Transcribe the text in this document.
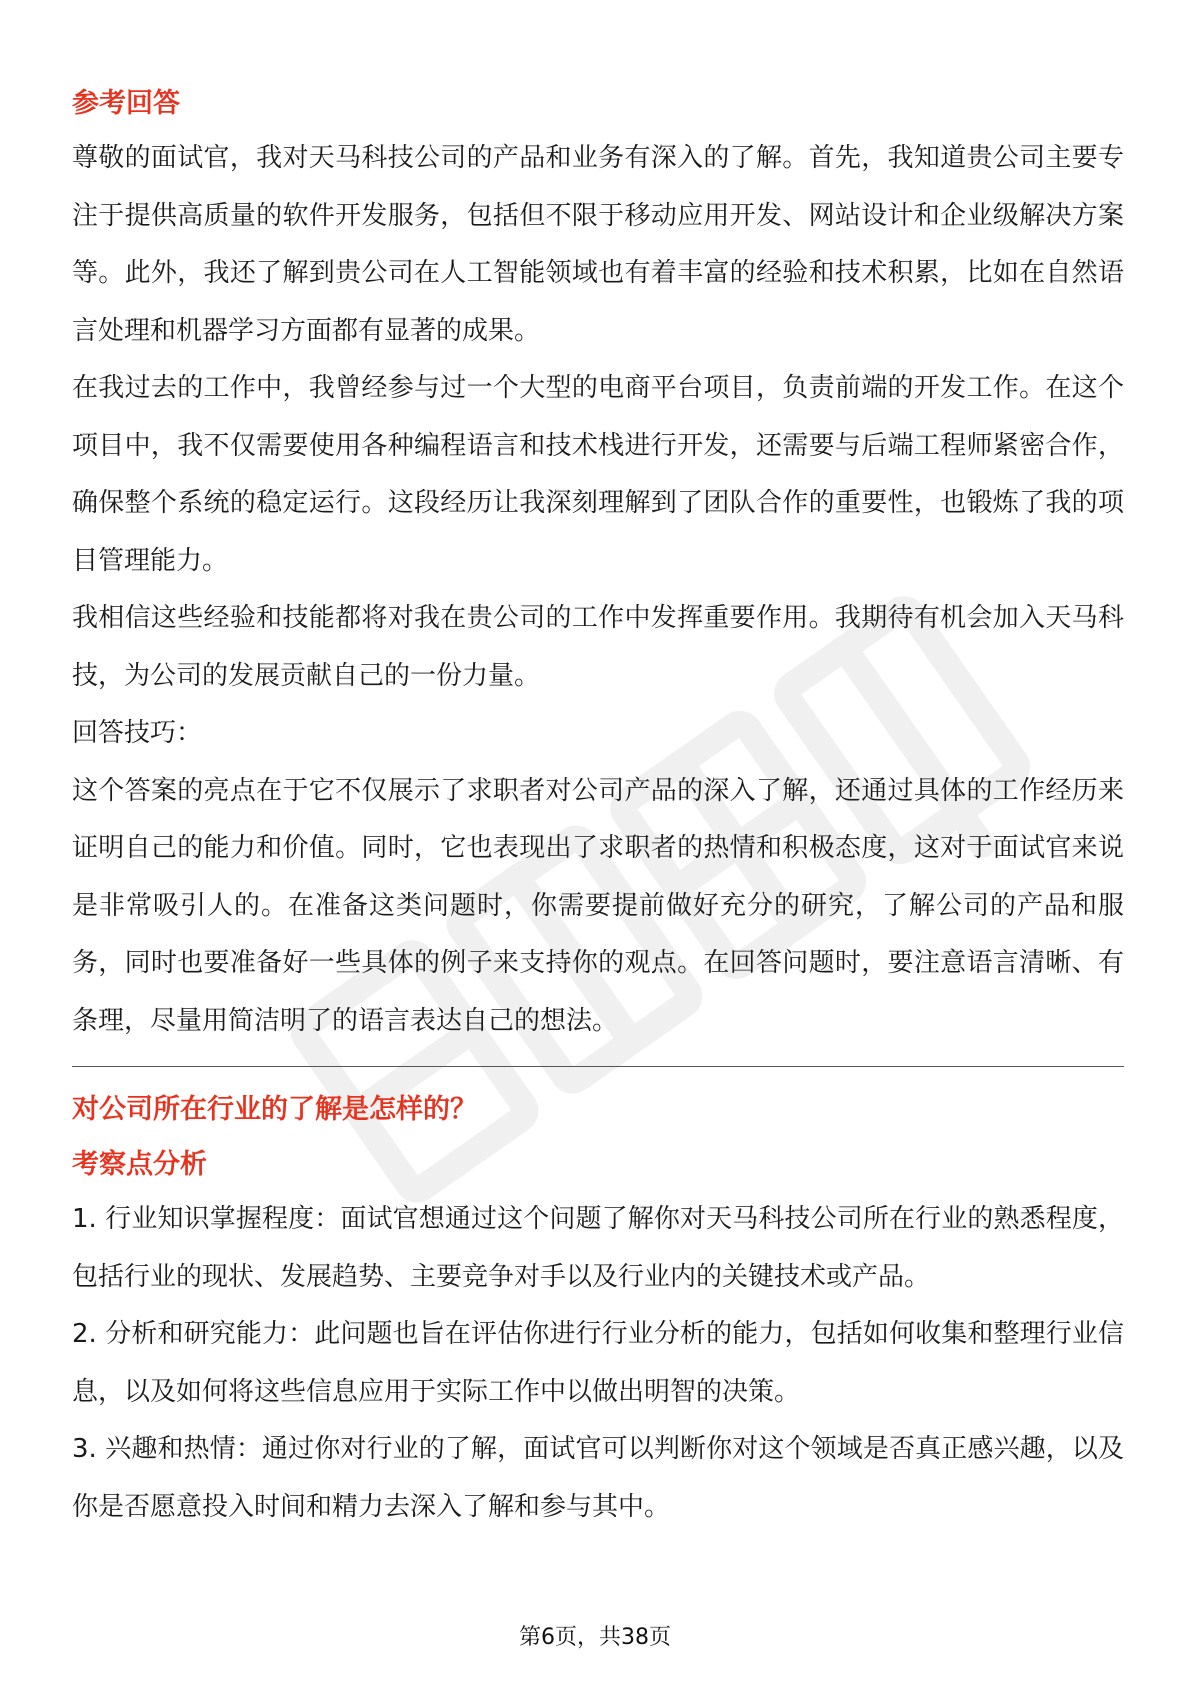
参考回答

尊敬的面试官，我对天马科技公司的产品和业务有深入的了解。首先，我知道贵公司主要专注于提供高质量的软件开发服务，包括但不限于移动应用开发、网站设计和企业级解决方案等。此外，我还了解到贵公司在人工智能领域也有着丰富的经验和技术积累，比如在自然语言处理和机器学习方面都有显著的成果。

在我过去的工作中，我曾经参与过一个大型的电商平台项目，负责前端的开发工作。在这个项目中，我不仅需要使用各种编程语言和技术栈进行开发，还需要与后端工程师紧密合作，确保整个系统的稳定运行。这段经历让我深刻理解到了团队合作的重要性，也锻炼了我的项目管理能力。

我相信这些经验和技能都将对我在贵公司的工作中发挥重要作用。我期待有机会加入天马科技，为公司的发展贡献自己的一份力量。

回答技巧：

这个答案的亮点在于它不仅展示了求职者对公司产品的深入了解，还通过具体的工作经历来证明自己的能力和价值。同时，它也表现出了求职者的热情和积极态度，这对于面试官来说是非常吸引人的。在准备这类问题时，你需要提前做好充分的研究，了解公司的产品和服务，同时也要准备好一些具体的例子来支持你的观点。在回答问题时，要注意语言清晰、有条理，尽量用简洁明了的语言表达自己的想法。

对公司所在行业的了解是怎样的？
考察点分析

1. 行业知识掌握程度：面试官想通过这个问题了解你对天马科技公司所在行业的熟悉程度，包括行业的现状、发展趋势、主要竞争对手以及行业内的关键技术或产品。

2. 分析和研究能力：此问题也旨在评估你进行行业分析的能力，包括如何收集和整理行业信息，以及如何将这些信息应用于实际工作中以做出明智的决策。

3. 兴趣和热情：通过你对行业的了解，面试官可以判断你对这个领域是否真正感兴趣，以及你是否愿意投入时间和精力去深入了解和参与其中。

第6页，共38页
